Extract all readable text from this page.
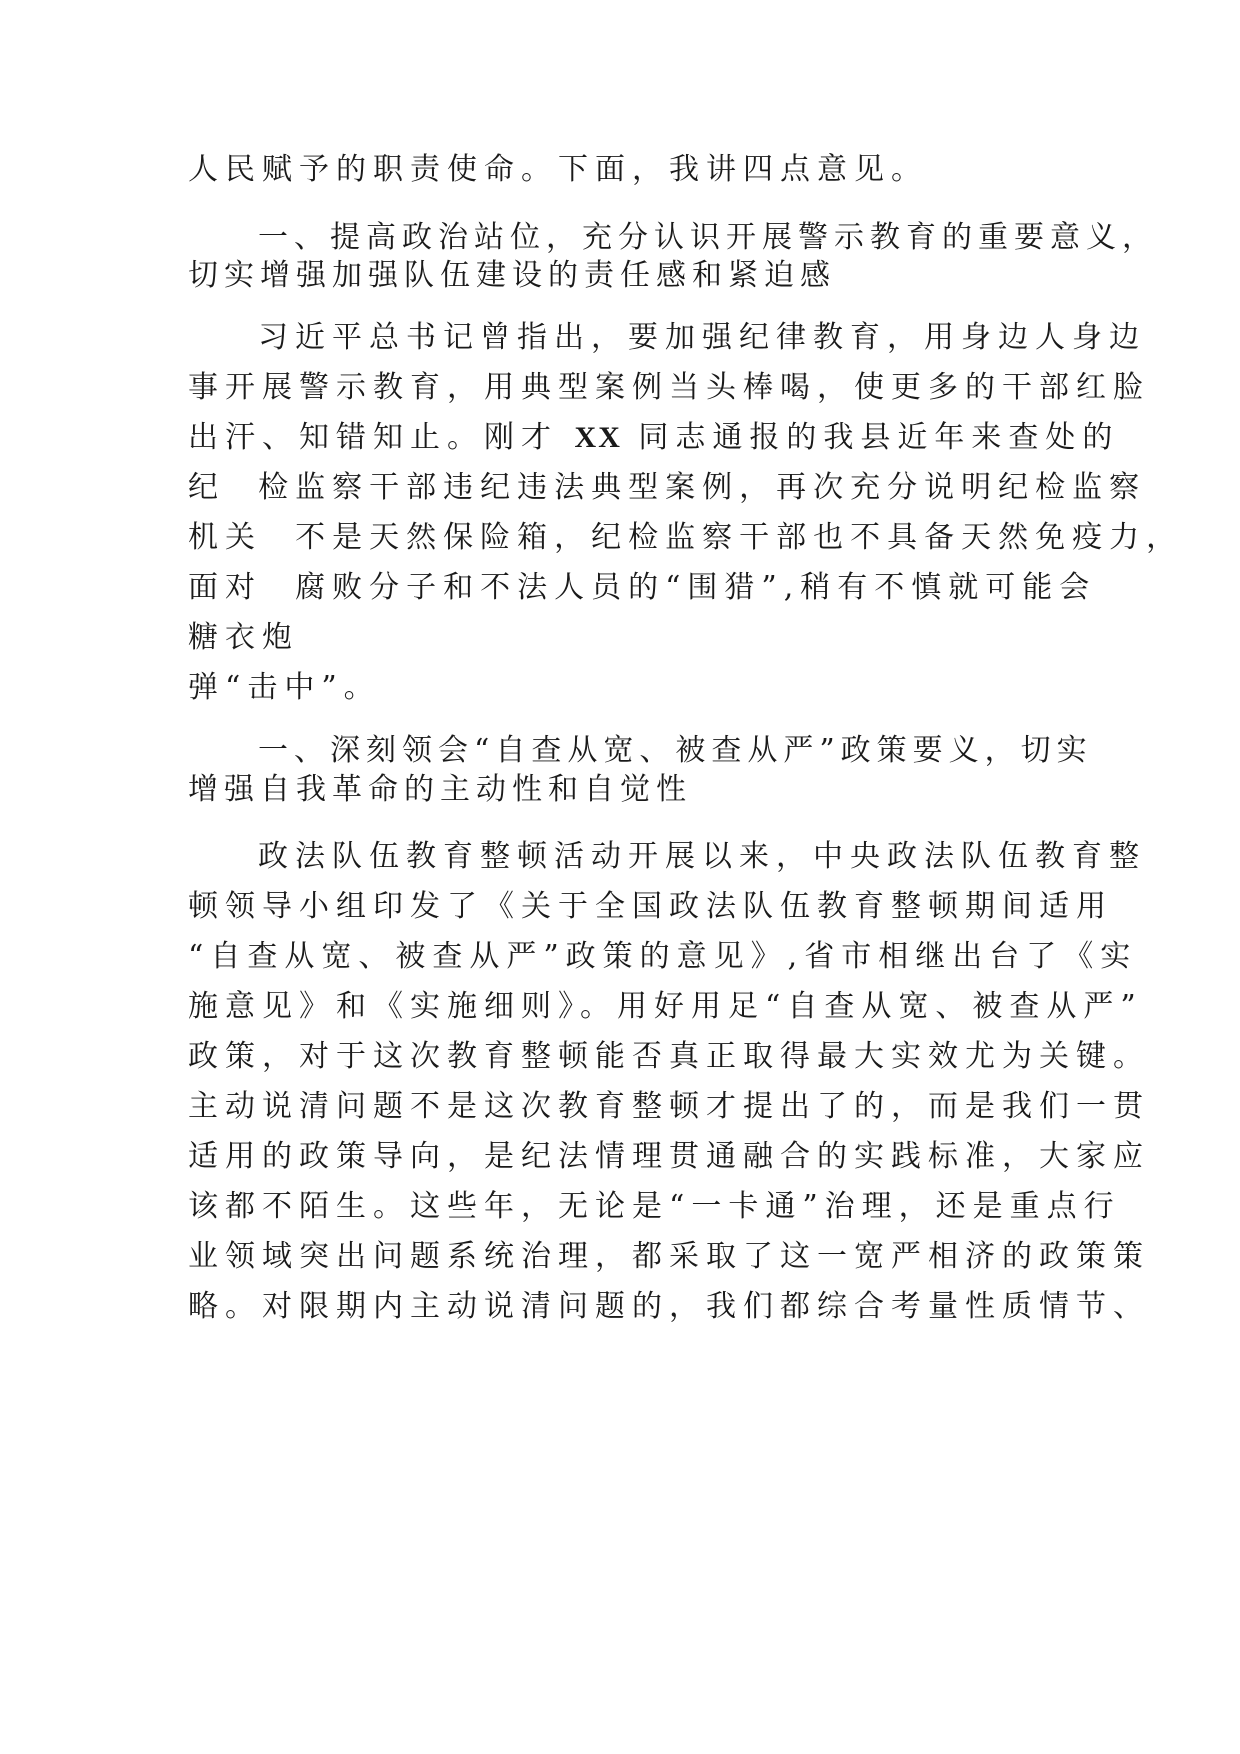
人民赋予的职责使命。下面，我讲四点意见。
一、提高政治站位，充分认识开展警示教育的重要意义，
切实增强加强队伍建设的责任感和紧迫感
习近平总书记曾指出，要加强纪律教育，用身边人身边
事开展警示教育，用典型案例当头棒喝，使更多的干部红脸
出汗、知错知止。刚才 XX 同志通报的我县近年来查处的
纪  检监察干部违纪违法典型案例，再次充分说明纪检监察
机关  不是天然保险箱，纪检监察干部也不具备天然免疫力，
面对  腐败分子和不法人员的“围猎”,稍有不慎就可能会
糖衣炮
弹“击中”。
一、深刻领会“自查从宽、被查从严”政策要义，切实
增强自我革命的主动性和自觉性
政法队伍教育整顿活动开展以来，中央政法队伍教育整
顿领导小组印发了《关于全国政法队伍教育整顿期间适用
“自查从宽、被查从严”政策的意见》,省市相继出台了《实
施意见》和《实施细则》。用好用足“自查从宽、被查从严”
政策，对于这次教育整顿能否真正取得最大实效尤为关键。
主动说清问题不是这次教育整顿才提出了的，而是我们一贯
适用的政策导向，是纪法情理贯通融合的实践标准，大家应
该都不陌生。这些年，无论是“一卡通”治理，还是重点行
业领域突出问题系统治理，都采取了这一宽严相济的政策策
略。对限期内主动说清问题的，我们都综合考量性质情节、
